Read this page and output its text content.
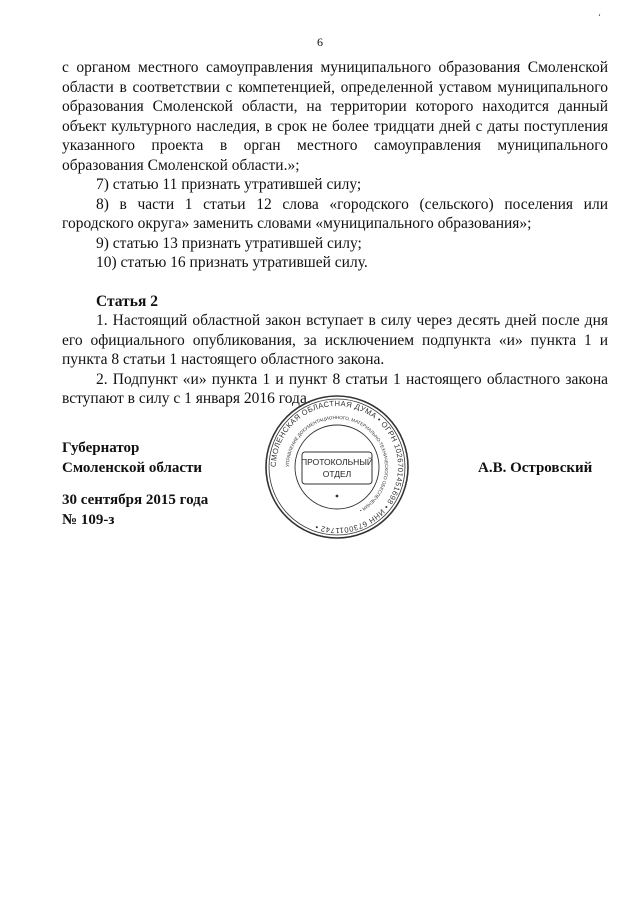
ʻ
6

с органом местного самоуправления муниципального образования Смоленской области в соответствии с компетенцией, определенной уставом муниципального образования Смоленской области, на территории которого находится данный объект культурного наследия, в срок не более тридцати дней с даты поступления указанного проекта в орган местного самоуправления муниципального образования Смоленской области.»;

7) статью 11 признать утратившей силу;

8) в части 1 статьи 12 слова «городского (сельского) поселения или городского округа» заменить словами «муниципального образования»;

9) статью 13 признать утратившей силу;

10) статью 16 признать утратившей силу.

Статья 2

1. Настоящий областной закон вступает в силу через десять дней после дня его официального опубликования, за исключением подпункта «и» пункта 1 и пункта 8 статьи 1 настоящего областного закона.

2. Подпункт «и» пункта 1 и пункт 8 статьи 1 настоящего областного закона вступают в силу с 1 января 2016 года.

Губернатор
Смоленской области
30 сентября 2015 года
№ 109-з
А.В. Островский
СМОЛЕНСКАЯ ОБЛАСТНАЯ ДУМА • ОГРН 1026701451698 • ИНН 6730011742 •
УПРАВЛЕНИЕ ДОКУМЕНТАЦИОННОГО, МАТЕРИАЛЬНО-ТЕХНИЧЕСКОГО ОБЕСПЕЧЕНИЯ •
ПРОТОКОЛЬНЫЙ
ОТДЕЛ
